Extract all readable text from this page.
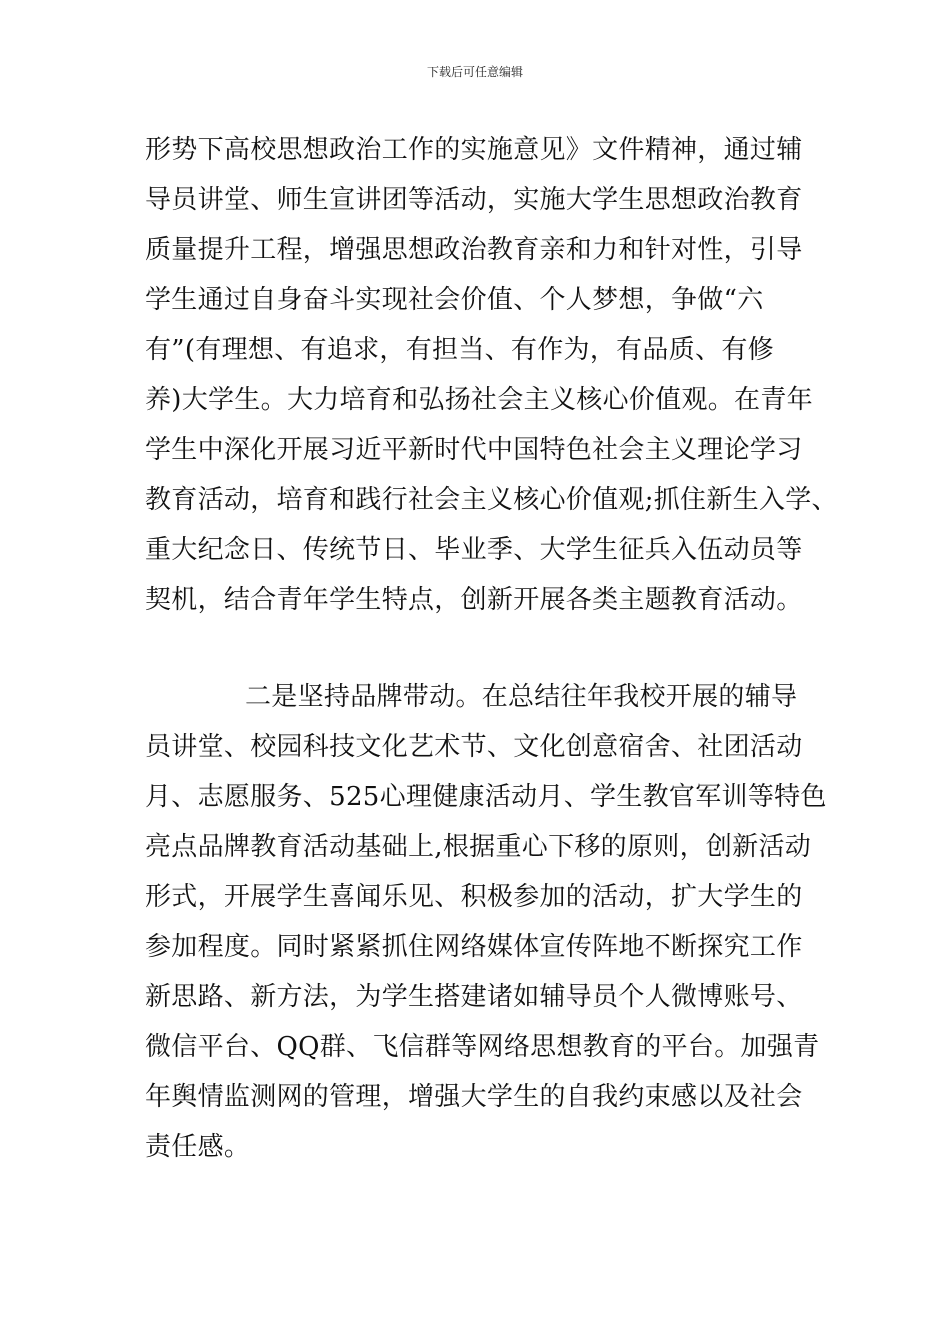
下载后可任意编辑
形势下高校思想政治工作的实施意见》文件精神，通过辅
导员讲堂、师生宣讲团等活动，实施大学生思想政治教育
质量提升工程，增强思想政治教育亲和力和针对性，引导
学生通过自身奋斗实现社会价值、个人梦想，争做“六
有”(有理想、有追求，有担当、有作为，有品质、有修
养)大学生。大力培育和弘扬社会主义核心价值观。在青年
学生中深化开展习近平新时代中国特色社会主义理论学习
教育活动，培育和践行社会主义核心价值观;抓住新生入学、
重大纪念日、传统节日、毕业季、大学生征兵入伍动员等
契机，结合青年学生特点，创新开展各类主题教育活动。
二是坚持品牌带动。在总结往年我校开展的辅导
员讲堂、校园科技文化艺术节、文化创意宿舍、社团活动
月、志愿服务、525心理健康活动月、学生教官军训等特色
亮点品牌教育活动基础上,根据重心下移的原则，创新活动
形式，开展学生喜闻乐见、积极参加的活动，扩大学生的
参加程度。同时紧紧抓住网络媒体宣传阵地不断探究工作
新思路、新方法，为学生搭建诸如辅导员个人微博账号、
微信平台、QQ群、飞信群等网络思想教育的平台。加强青
年舆情监测网的管理，增强大学生的自我约束感以及社会
责任感。
